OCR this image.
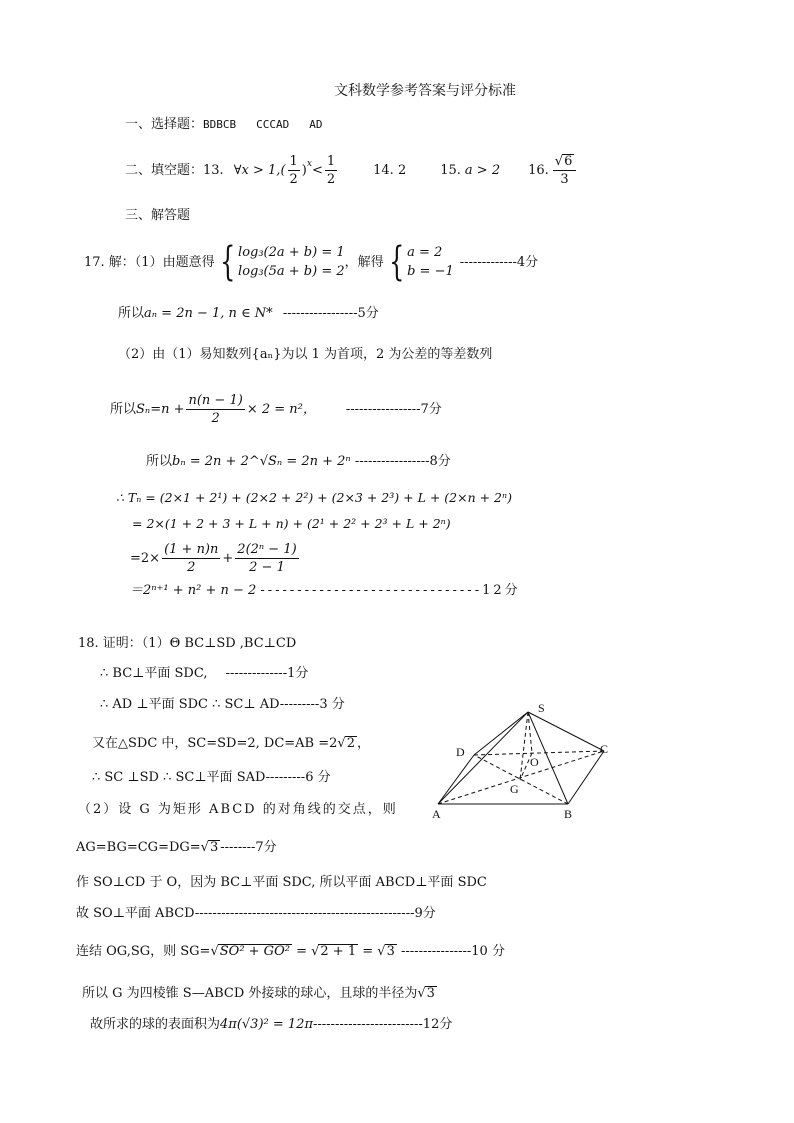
文科数学参考答案与评分标准
一、选择题：BDBCB CCCAD AD
二、填空题： 13. ∀x > $1,( \frac{1}{2} )^x < \frac{1}{2}$	14. 2	15. a > 2 16. $\frac{√6}{3}$
三、解答题
17. 解：（1）由题意得 { log₃(2a + b) = 1
log₃(5a + b) = 2
，解得 { a = 2
b = −1
-------------4分
所以aₙ = 2n − 1, n ∈ N* -----------------5分
（2）由（1）易知数列{aₙ}为以 1 为首项，2 为公差的等差数列
所以 $S_n=n + \frac{n(n - 1)}{2} \times 2 = n^2$， -----------------7分
所以bₙ = 2n + 2^√Sₙ = 2n + 2ⁿ -----------------8分
∴ Tₙ = (2×1 + 2¹) + (2×2 + 2²) + (2×3 + 2³) + L + (2×n + 2ⁿ)
= 2×(1 + 2 + 3 + L + n) + (2¹ + 2² + 2³ + L + 2ⁿ)
$=2\times \frac{(1 + n)n}{2} + \frac{\text{2(2ⁿ − 1)}}{2 - 1}$
＝2ⁿ⁺¹ + n² + n − 2 ------------------------------12分
18. 证明：（1）Θ BC⊥SD ,BC⊥CD
∴ BC⊥平面 SDC, --------------1分
∴ AD ⊥平面 SDC ∴ SC⊥ AD---------3 分
又在△SDC 中，SC=SD=2, DC=AB =2√2 ，
∴ SC ⊥SD ∴ SC⊥平面 SAD---------6 分
（2）设 G 为矩形 ABCD 的对角线的交点，则
AG=BG=CG=DG=√3 --------7分
作 SO⊥CD 于 O，因为 BC⊥平面 SDC, 所以平面 ABCD⊥平面 SDC
故 SO⊥平面 ABCD--------------------------------------------------9分
连结 OG,SG，则 SG=√SO² + GO² = √2 + 1 = √3 ----------------10 分
所以 G 为四棱锥 S—ABCD 外接球的球心，且球的半径为√3
故所求的球的表面积为4π(√3)² = 12π-------------------------12分
S
D	C
O
G
A	B
